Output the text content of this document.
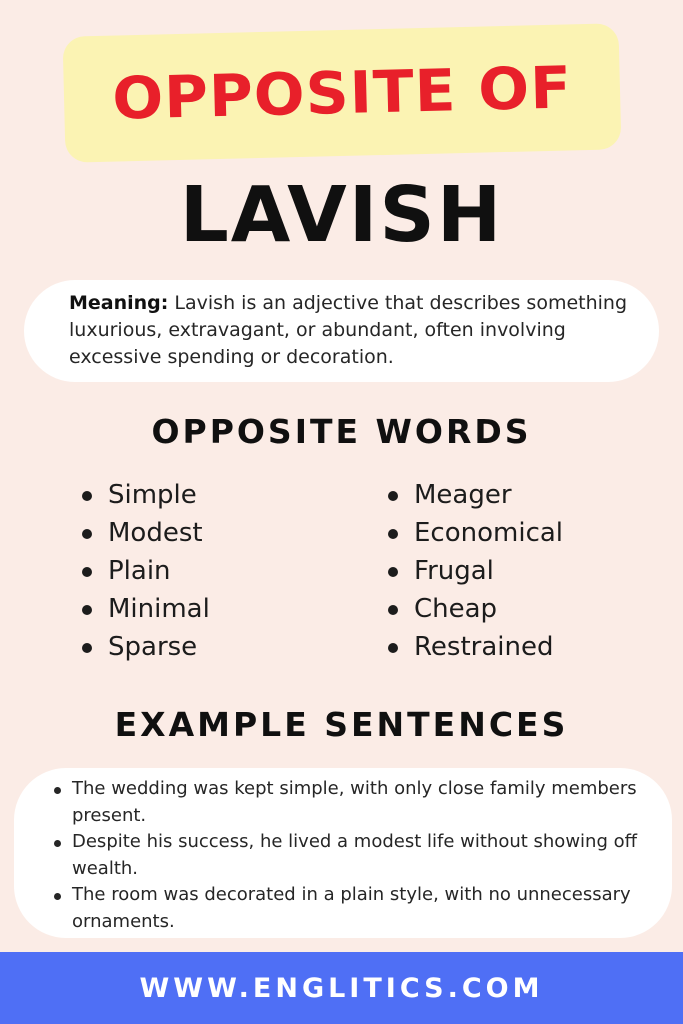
OPPOSITE OF
LAVISH
Meaning: Lavish is an adjective that describes something luxurious, extravagant, or abundant, often involving excessive spending or decoration.
OPPOSITE WORDS
Simple
Modest
Plain
Minimal
Sparse
Meager
Economical
Frugal
Cheap
Restrained
EXAMPLE SENTENCES
The wedding was kept simple, with only close family members present.
Despite his success, he lived a modest life without showing off wealth.
The room was decorated in a plain style, with no unnecessary ornaments.
WWW.ENGLITICS.COM
